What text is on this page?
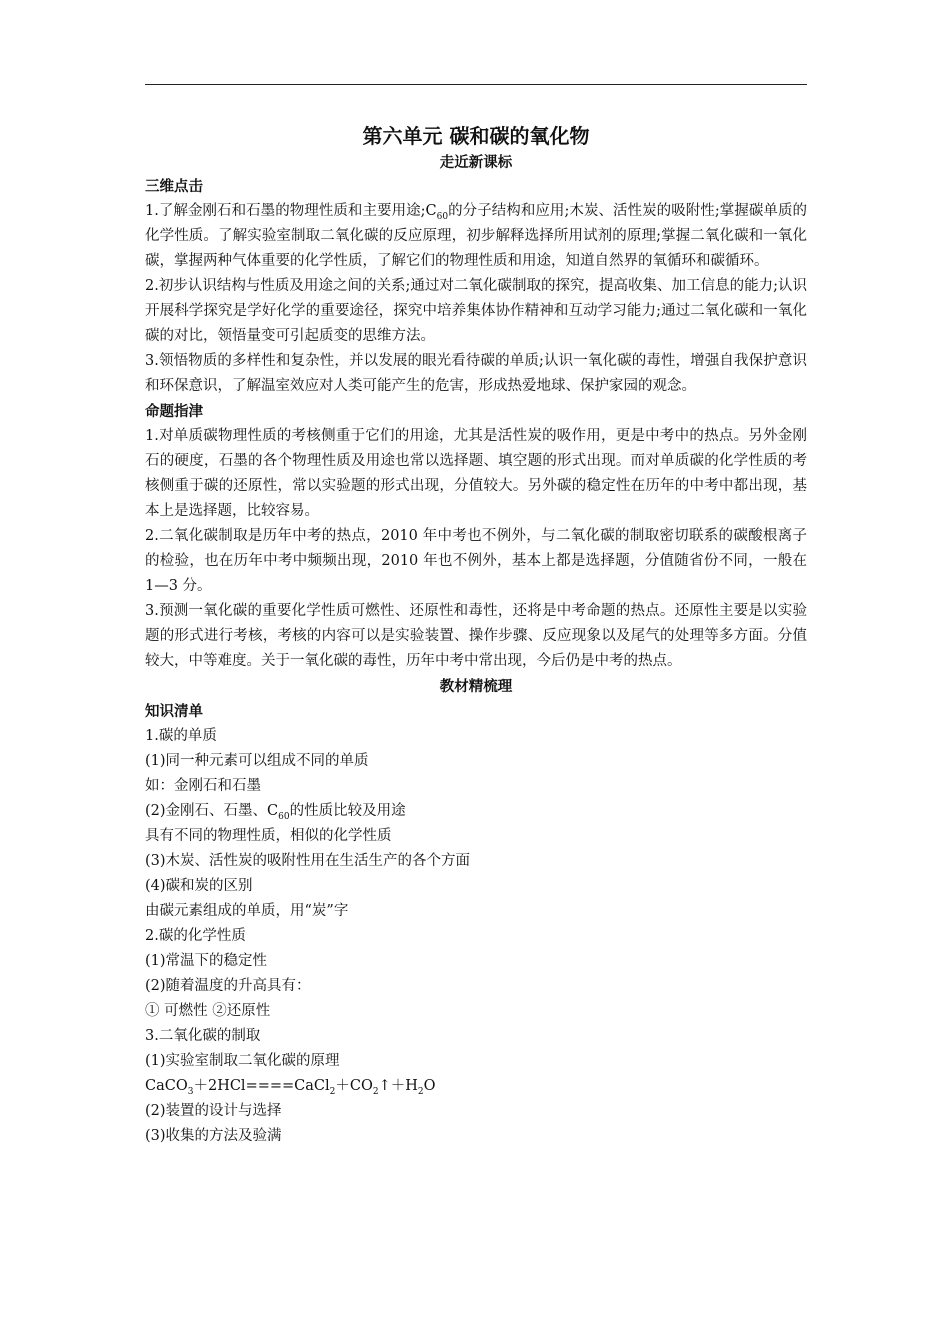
第六单元 碳和碳的氧化物

走近新课标

三维点击

1.了解金刚石和石墨的物理性质和主要用途$;C_{60}$的分子结构和应用;木炭、活性炭的吸附性;掌握碳单质的化学性质。了解实验室制取二氧化碳的反应原理，初步解释选择所用试剂的原理;掌握二氧化碳和一氧化碳，掌握两种气体重要的化学性质，了解它们的物理性质和用途，知道自然界的氧循环和碳循环。

2.初步认识结构与性质及用途之间的关系;通过对二氧化碳制取的探究，提高收集、加工信息的能力;认识开展科学探究是学好化学的重要途径，探究中培养集体协作精神和互动学习能力;通过二氧化碳和一氧化碳的对比，领悟量变可引起质变的思维方法。

3.领悟物质的多样性和复杂性，并以发展的眼光看待碳的单质;认识一氧化碳的毒性，增强自我保护意识和环保意识，了解温室效应对人类可能产生的危害，形成热爱地球、保护家园的观念。

命题指津

1.对单质碳物理性质的考核侧重于它们的用途，尤其是活性炭的吸作用，更是中考中的热点。另外金刚石的硬度，石墨的各个物理性质及用途也常以选择题、填空题的形式出现。而对单质碳的化学性质的考核侧重于碳的还原性，常以实验题的形式出现，分值较大。另外碳的稳定性在历年的中考中都出现，基本上是选择题，比较容易。

2.二氧化碳制取是历年中考的热点，2010 年中考也不例外，与二氧化碳的制取密切联系的碳酸根离子的检验，也在历年中考中频频出现，2010 年也不例外，基本上都是选择题，分值随省份不同，一般在 1—3 分。

3.预测一氧化碳的重要化学性质可燃性、还原性和毒性，还将是中考命题的热点。还原性主要是以实验题的形式进行考核，考核的内容可以是实验装置、操作步骤、反应现象以及尾气的处理等多方面。分值较大，中等难度。关于一氧化碳的毒性，历年中考中常出现，今后仍是中考的热点。

教材精梳理

知识清单

1.碳的单质

(1)同一种元素可以组成不同的单质

如：金刚石和石墨

(2)金刚石、石墨、$C_{60}$的性质比较及用途

具有不同的物理性质，相似的化学性质

(3)木炭、活性炭的吸附性用在生活生产的各个方面

(4)碳和炭的区别

由碳元素组成的单质，用“炭”字

2.碳的化学性质

(1)常温下的稳定性

(2)随着温度的升高具有：

① 可燃性 ②还原性

3.二氧化碳的制取

(1)实验室制取二氧化碳的原理

$CaCO_3+2HCl====CaCl_2+CO_2↑+H_2O$

(2)装置的设计与选择

(3)收集的方法及验满
